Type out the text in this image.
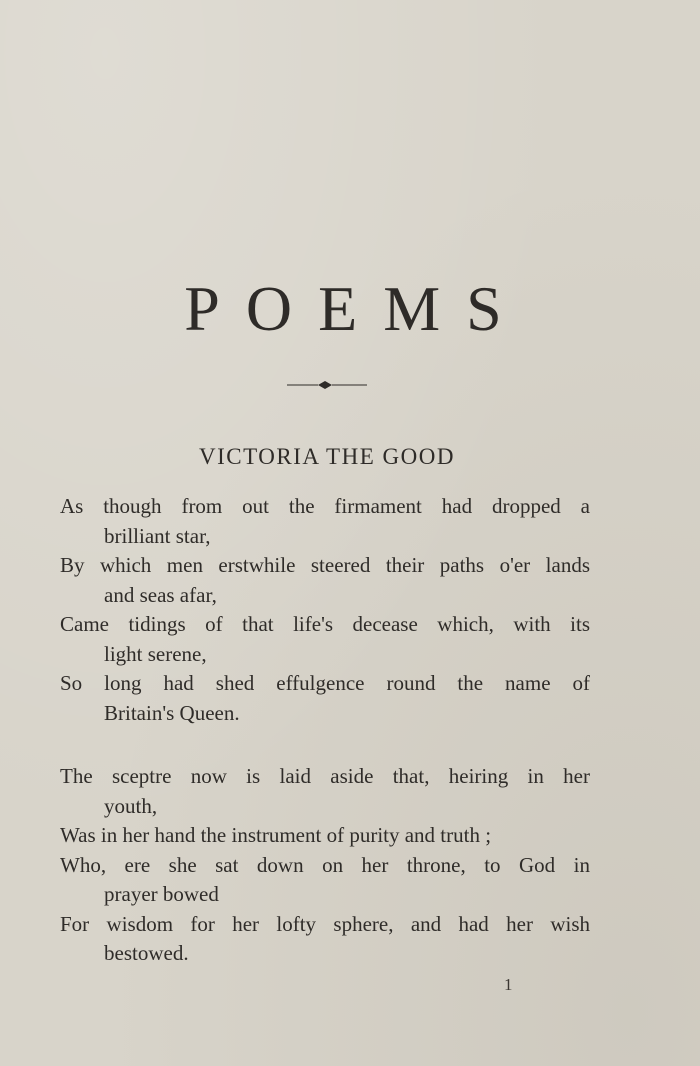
POEMS
VICTORIA THE GOOD
As though from out the firmament had dropped a
brilliant star,
By which men erstwhile steered their paths o'er lands
and seas afar,
Came tidings of that life's decease which, with its
light serene,
So long had shed effulgence round the name of
Britain's Queen.
The sceptre now is laid aside that, heiring in her
youth,
Was in her hand the instrument of purity and truth ;
Who, ere she sat down on her throne, to God in
prayer bowed
For wisdom for her lofty sphere, and had her wish
bestowed.
1
